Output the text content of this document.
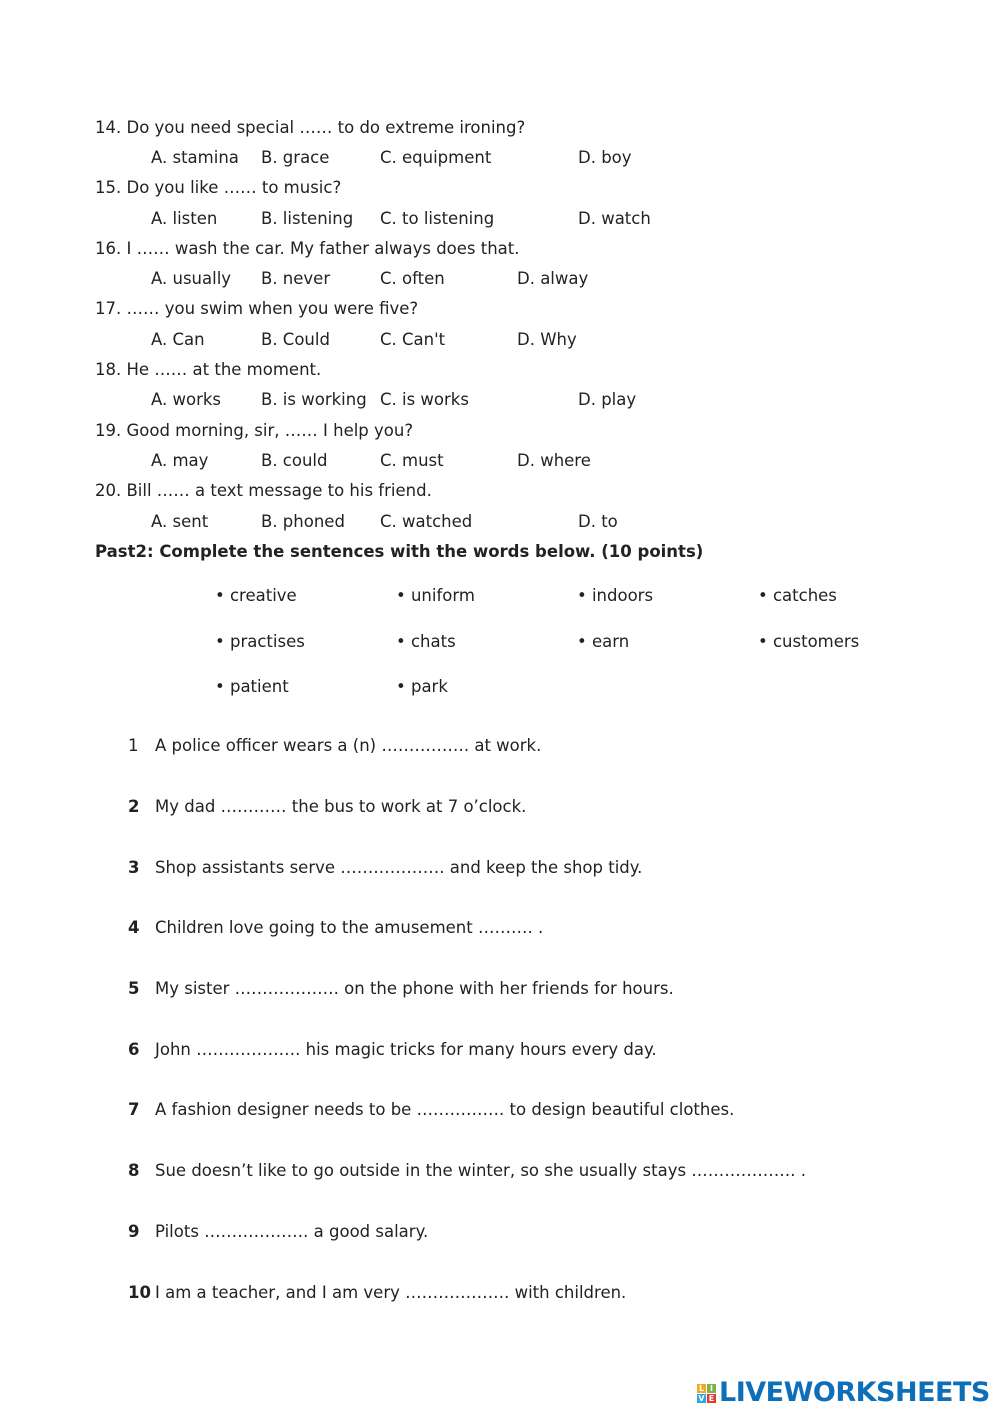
14. Do you need special …… to do extreme ironing?
A. stamina B. grace	C. equipment	D. boy
15. Do you like …… to music?
A. listen	B. listening C. to listening	D. watch
16. I …… wash the car. My father always does that.
A. usually B. never	C. often	D. alway
17. …… you swim when you were five?
A. Can	B. Could	C. Can't	D. Why
18. He …… at the moment.
A. works B. is working C. is works	D. play
19. Good morning, sir, …… I help you?
A. may	B. could	C. must	D. where
20. Bill …… a text message to his friend.
A. sent	B. phoned C. watched	D. to
Past2: Complete the sentences with the words below. (10 points)
• creative	• uniform	• indoors	• catches
• practises	• chats	• earn	• customers
• patient	• park
1	A police officer wears a (n) ……………. at work.
2 My dad ………… the bus to work at 7 o’clock.
3 Shop assistants serve ………………. and keep the shop tidy.
4 Children love going to the amusement ………. .
5 My sister ………………. on the phone with her friends for hours.
6 John ………………. his magic tricks for many hours every day.
7 A fashion designer needs to be ……………. to design beautiful clothes.
8 Sue doesn’t like to go outside in the winter, so she usually stays ………………. .
9 Pilots ………………. a good salary.
10 I am a teacher, and I am very ………………. with children.
L I
V E LIVEWORKSHEETS
